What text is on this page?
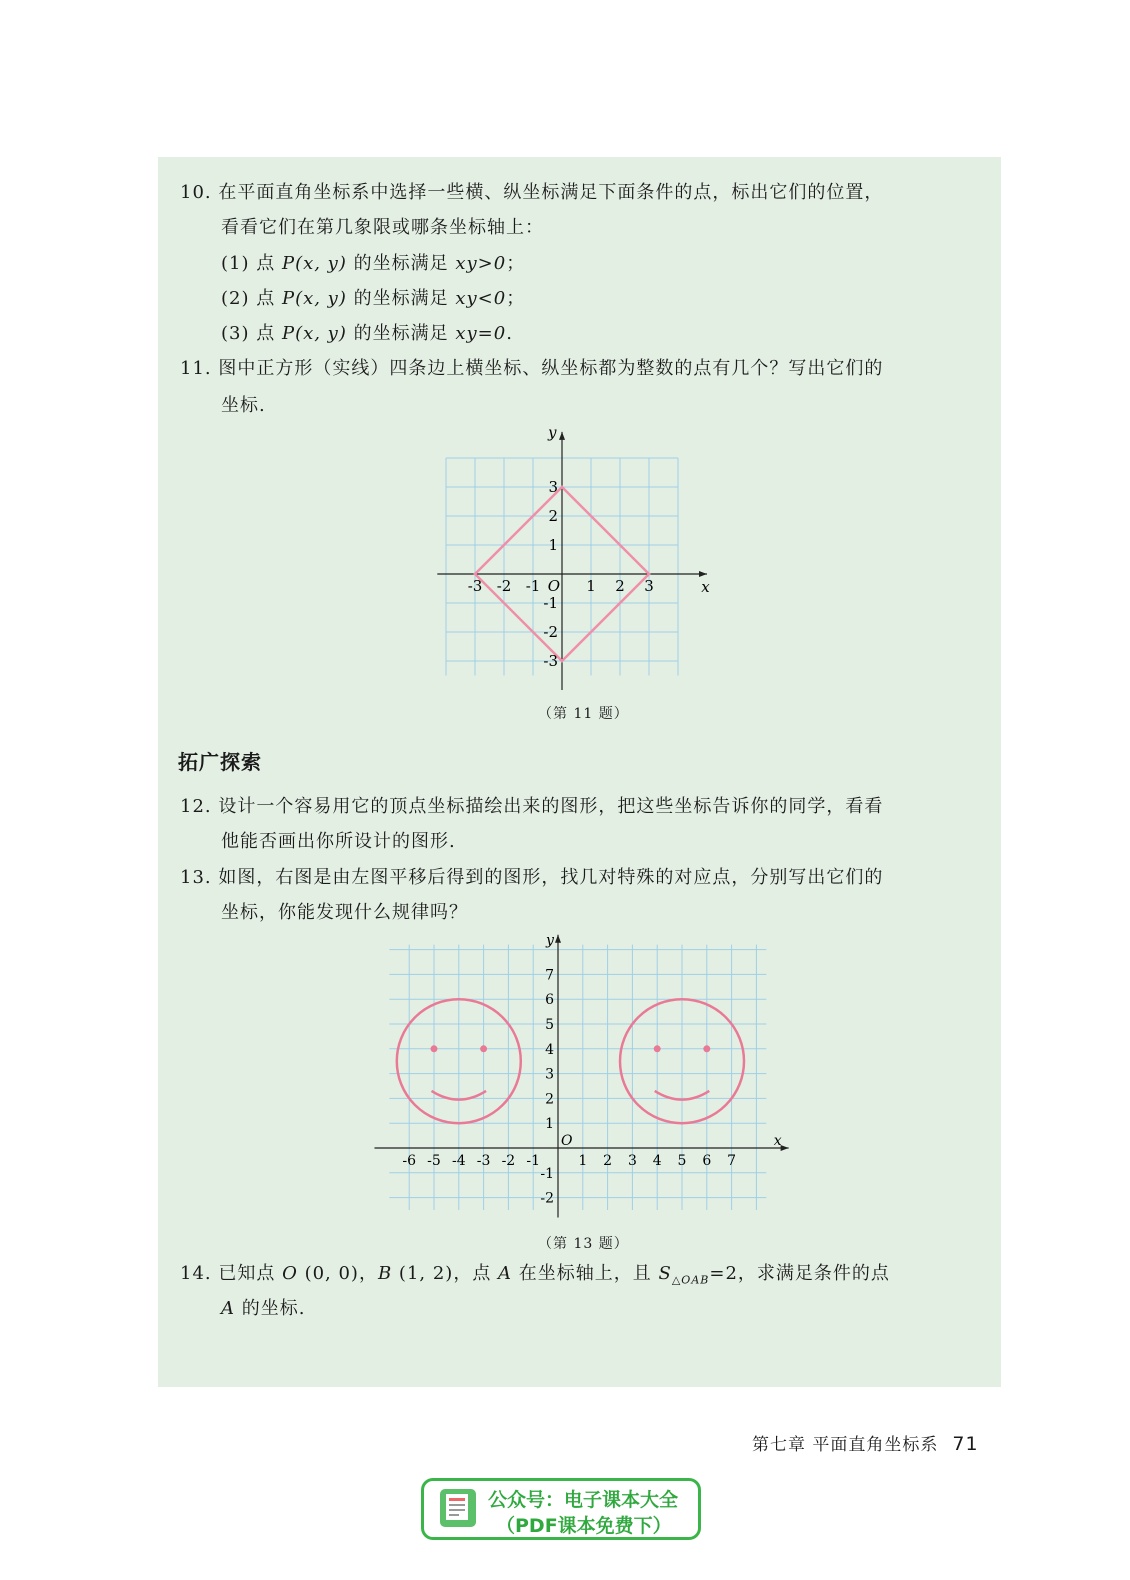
10. 在平面直角坐标系中选择一些横、纵坐标满足下面条件的点，标出它们的位置，
看看它们在第几象限或哪条坐标轴上：
(1) 点 P(x, y) 的坐标满足 xy>0；
(2) 点 P(x, y) 的坐标满足 xy<0；
(3) 点 P(x, y) 的坐标满足 xy=0.
11. 图中正方形（实线）四条边上横坐标、纵坐标都为整数的点有几个？写出它们的
坐标.
-3 -2 -1	1 2 3
3
2
1
-1
-2
-3
O	x
y
（第 11 题）
拓广探索
12. 设计一个容易用它的顶点坐标描绘出来的图形，把这些坐标告诉你的同学，看看
他能否画出你所设计的图形.
13. 如图，右图是由左图平移后得到的图形，找几对特殊的对应点，分别写出它们的
坐标，你能发现什么规律吗？
-6 -5 -4 -3 -2 -1	1 2 3 4 5 6 7
7
6
5
4
3
2
1
-1
-2
O	x
y
（第 13 题）
14. 已知点 O (0, 0)，B (1, 2)，点 A 在坐标轴上，且 $S_{\triangle OAB}=2$，求满足条件的点
A 的坐标.
第七章 平面直角坐标系 71
公众号：电子课本大全
（PDF课本免费下）
